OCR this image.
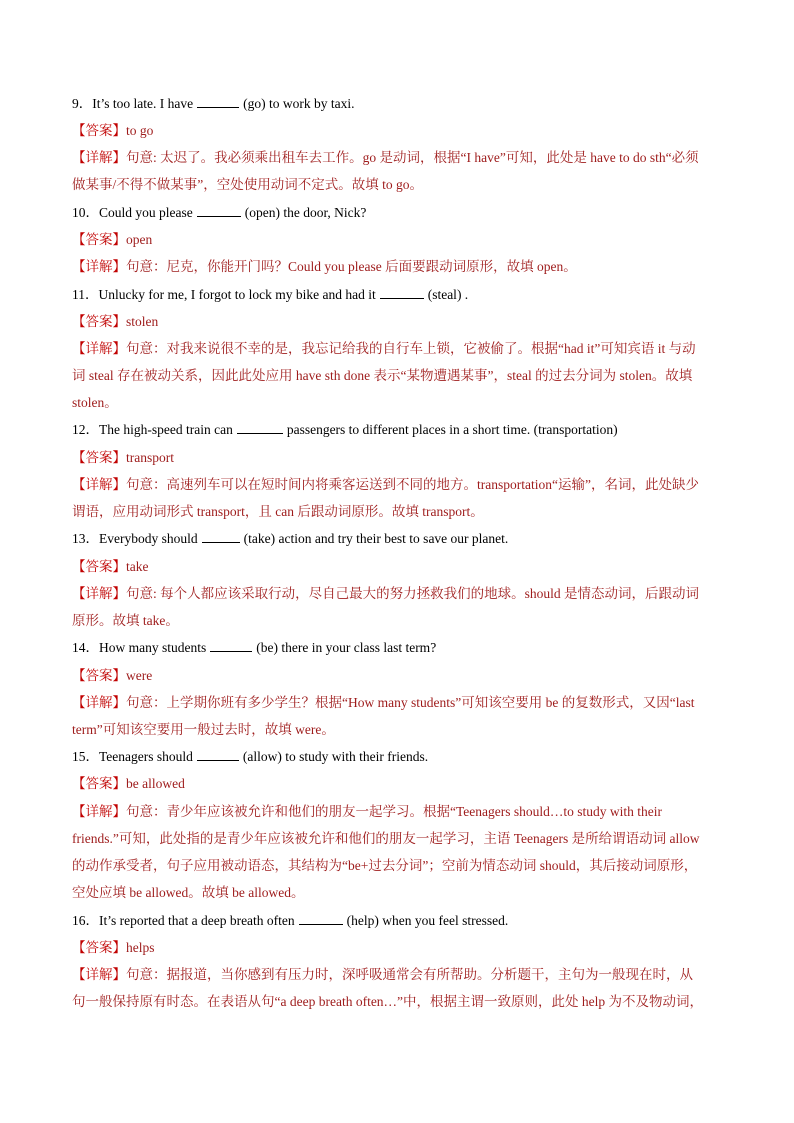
9．It’s too late. I have	(go) to work by taxi.
【答案】to go
【详解】句意: 太迟了。我必须乘出租车去工作。go 是动词，根据“I have”可知，此处是 have to do sth“必须
做某事/不得不做某事”，空处使用动词不定式。故填 to go。
10．Could you please	(open) the door, Nick?
【答案】open
【详解】句意：尼克，你能开门吗？Could you please 后面要跟动词原形，故填 open。
11．Unlucky for me, I forgot to lock my bike and had it	(steal) .
【答案】stolen
【详解】句意：对我来说很不幸的是，我忘记给我的自行车上锁，它被偷了。根据“had it”可知宾语 it 与动
词 steal 存在被动关系，因此此处应用 have sth done 表示“某物遭遇某事”，steal 的过去分词为 stolen。故填
stolen。
12．The high-speed train can	passengers to different places in a short time. (transportation)
【答案】transport
【详解】句意：高速列车可以在短时间内将乘客运送到不同的地方。transportation“运输”，名词，此处缺少
谓语，应用动词形式 transport，且 can 后跟动词原形。故填 transport。
13．Everybody should	(take) action and try their best to save our planet.
【答案】take
【详解】句意: 每个人都应该采取行动，尽自己最大的努力拯救我们的地球。should 是情态动词，后跟动词
原形。故填 take。
14．How many students	(be) there in your class last term?
【答案】were
【详解】句意：上学期你班有多少学生？根据“How many students”可知该空要用 be 的复数形式，又因“last
term”可知该空要用一般过去时，故填 were。
15．Teenagers should	(allow) to study with their friends.
【答案】be allowed
【详解】句意：青少年应该被允许和他们的朋友一起学习。根据“Teenagers should…to study with their
friends.”可知，此处指的是青少年应该被允许和他们的朋友一起学习，主语 Teenagers 是所给谓语动词 allow
的动作承受者，句子应用被动语态，其结构为“be+过去分词”；空前为情态动词 should，其后接动词原形，
空处应填 be allowed。故填 be allowed。
16．It’s reported that a deep breath often	(help) when you feel stressed.
【答案】helps
【详解】句意：据报道，当你感到有压力时，深呼吸通常会有所帮助。分析题干，主句为一般现在时，从
句一般保持原有时态。在表语从句“a deep breath often…”中，根据主谓一致原则，此处 help 为不及物动词，
